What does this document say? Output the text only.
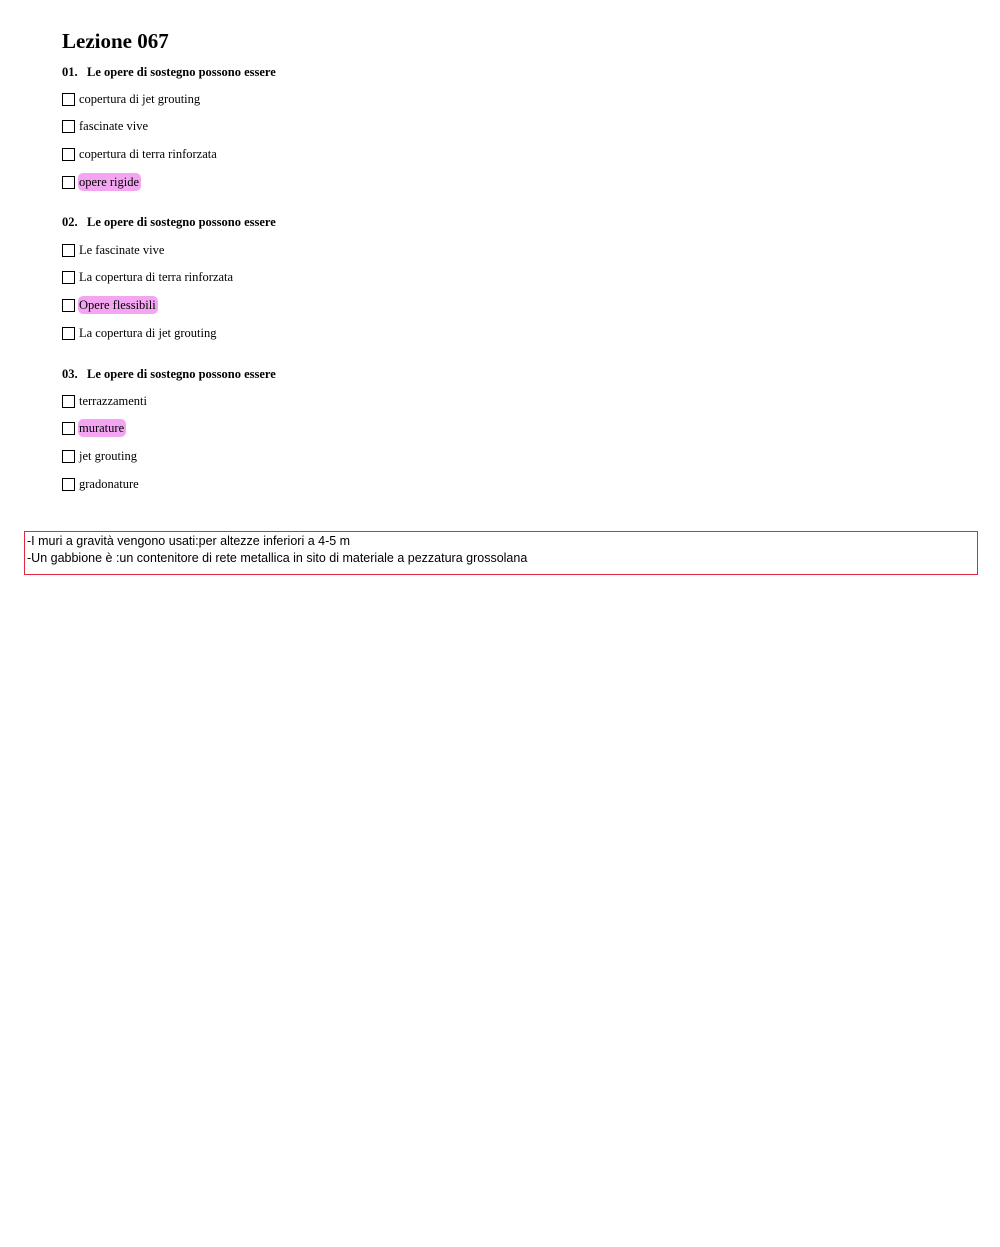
Lezione 067
01. Le opere di sostegno possono essere
copertura di jet grouting
fascinate vive
copertura di terra rinforzata
opere rigide
02. Le opere di sostegno possono essere
Le fascinate vive
La copertura di terra rinforzata
Opere flessibili
La copertura di jet grouting
03. Le opere di sostegno possono essere
terrazzamenti
murature
jet grouting
gradonature
-I muri a gravità vengono usati:per altezze inferiori a 4-5 m
-Un gabbione è :un contenitore di rete metallica in sito di materiale a pezzatura grossolana
